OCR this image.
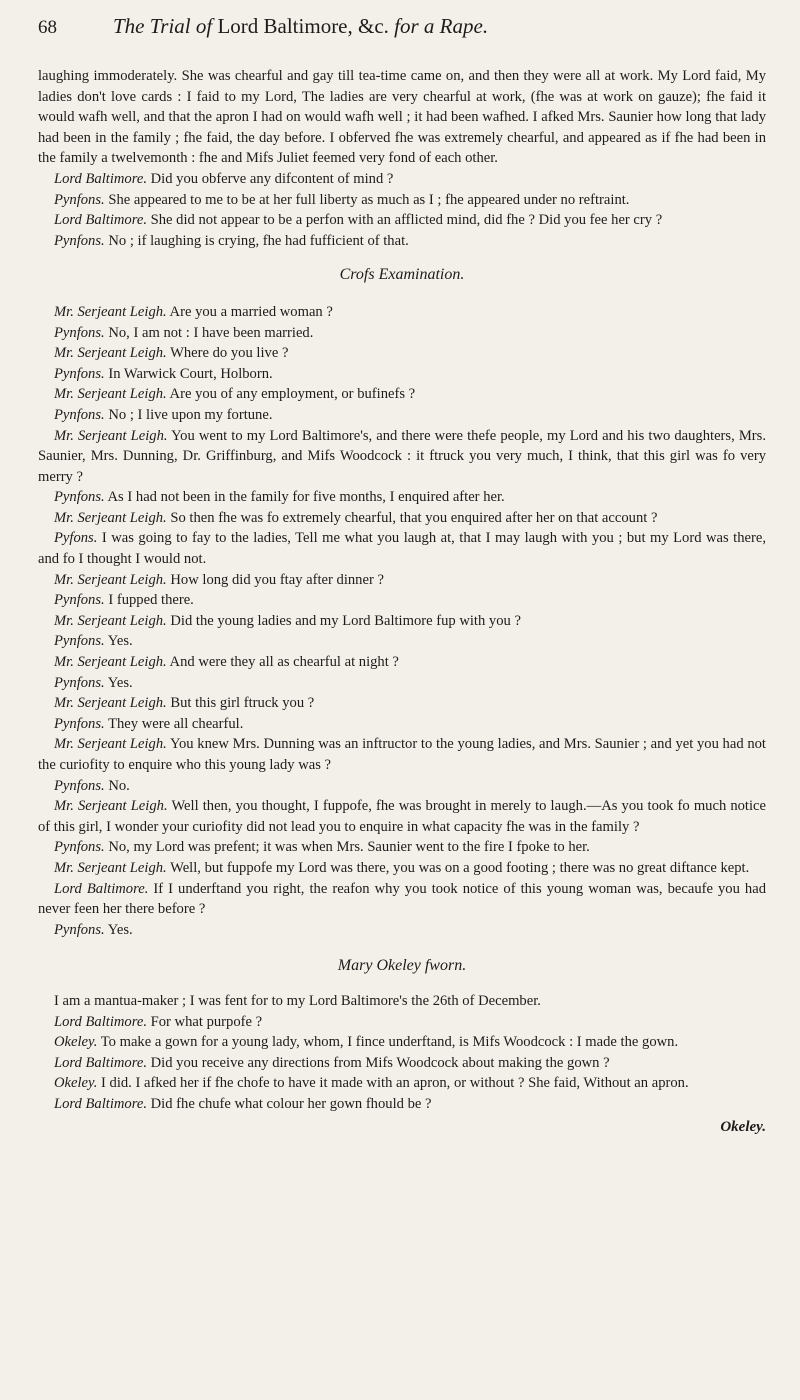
68	The Trial of Lord Baltimore, &c. for a Rape.

laughing immoderately. She was chearful and gay till tea-time came on, and then they were all at work. My Lord faid, My ladies don't love cards : I faid to my Lord, The ladies are very chearful at work, (fhe was at work on gauze); fhe faid it would wafh well, and that the apron I had on would wafh well ; it had been wafhed. I afked Mrs. Saunier how long that lady had been in the family ; fhe faid, the day before. I obferved fhe was extremely chearful, and appeared as if fhe had been in the family a twelvemonth : fhe and Mifs Juliet feemed very fond of each other.

Lord Baltimore. Did you obferve any difcontent of mind ?

Pynfons. She appeared to me to be at her full liberty as much as I ; fhe appeared under no reftraint.

Lord Baltimore. She did not appear to be a perfon with an afflicted mind, did fhe ? Did you fee her cry ?

Pynfons. No ; if laughing is crying, fhe had fufficient of that.

Crofs Examination.

Mr. Serjeant Leigh. Are you a married woman ?

Pynfons. No, I am not : I have been married.

Mr. Serjeant Leigh. Where do you live ?

Pynfons. In Warwick Court, Holborn.

Mr. Serjeant Leigh. Are you of any employment, or bufinefs ?

Pynfons. No ; I live upon my fortune.

Mr. Serjeant Leigh. You went to my Lord Baltimore's, and there were thefe people, my Lord and his two daughters, Mrs. Saunier, Mrs. Dunning, Dr. Griffinburg, and Mifs Woodcock : it ftruck you very much, I think, that this girl was fo very merry ?

Pynfons. As I had not been in the family for five months, I enquired after her.

Mr. Serjeant Leigh. So then fhe was fo extremely chearful, that you enquired after her on that account ?

Pyfons. I was going to fay to the ladies, Tell me what you laugh at, that I may laugh with you ; but my Lord was there, and fo I thought I would not.

Mr. Serjeant Leigh. How long did you ftay after dinner ?

Pynfons. I fupped there.

Mr. Serjeant Leigh. Did the young ladies and my Lord Baltimore fup with you ?

Pynfons. Yes.

Mr. Serjeant Leigh. And were they all as chearful at night ?

Pynfons. Yes.

Mr. Serjeant Leigh. But this girl ftruck you ?

Pynfons. They were all chearful.

Mr. Serjeant Leigh. You knew Mrs. Dunning was an inftructor to the young ladies, and Mrs. Saunier ; and yet you had not the curiofity to enquire who this young lady was ?

Pynfons. No.

Mr. Serjeant Leigh. Well then, you thought, I fuppofe, fhe was brought in merely to laugh.—As you took fo much notice of this girl, I wonder your curiofity did not lead you to enquire in what capacity fhe was in the family ?

Pynfons. No, my Lord was prefent; it was when Mrs. Saunier went to the fire I fpoke to her.

Mr. Serjeant Leigh. Well, but fuppofe my Lord was there, you was on a good footing ; there was no great diftance kept.

Lord Baltimore. If I underftand you right, the reafon why you took notice of this young woman was, becaufe you had never feen her there before ?

Pynfons. Yes.

Mary Okeley fworn.

I am a mantua-maker ; I was fent for to my Lord Baltimore's the 26th of December.

Lord Baltimore. For what purpofe ?

Okeley. To make a gown for a young lady, whom, I fince underftand, is Mifs Woodcock : I made the gown.

Lord Baltimore. Did you receive any directions from Mifs Woodcock about making the gown ?

Okeley. I did. I afked her if fhe chofe to have it made with an apron, or without ? She faid, Without an apron.

Lord Baltimore. Did fhe chufe what colour her gown fhould be ?

Okeley.
